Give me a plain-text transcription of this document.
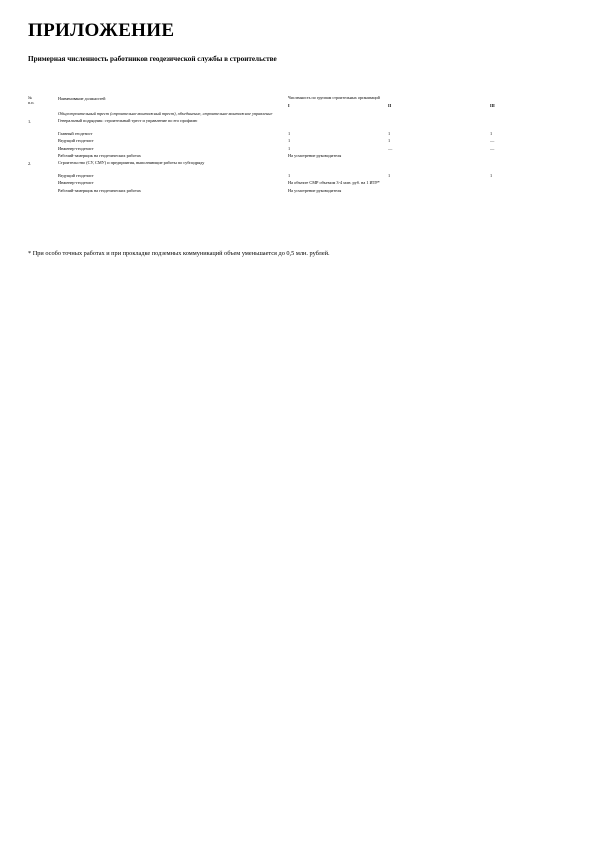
ПРИЛОЖЕНИЕ
Примерная численность работников геодезической службы в строительстве
№
п.п.
Наименование должностей	Численность по группам строительных организаций
I	II	III
Общестроительный трест (строительно-монтажный трест), объединение, строительно-монтажное управление
1.	Генеральный подрядчик: строительный трест и управление по его профилю
Главный геодезист	1	1	1
Ведущий геодезист	1	1	—
Инженер-геодезист	1	—	—
Рабочий-замерщик на геодезических работах	На усмотрение руководителя
2.	Строительство (СУ, СМУ) и предприятия, выполняющие работы по субподряду
Ведущий геодезист	1	1	1
Инженер-геодезист	На объекте СМР объемом 3-4 млн. руб. на 1 ИТР*
Рабочий-замерщик на геодезических работах	На усмотрение руководителя
* При особо точных работах и при прокладке подземных коммуникаций объем уменьшается до 0,5 млн. рублей.
